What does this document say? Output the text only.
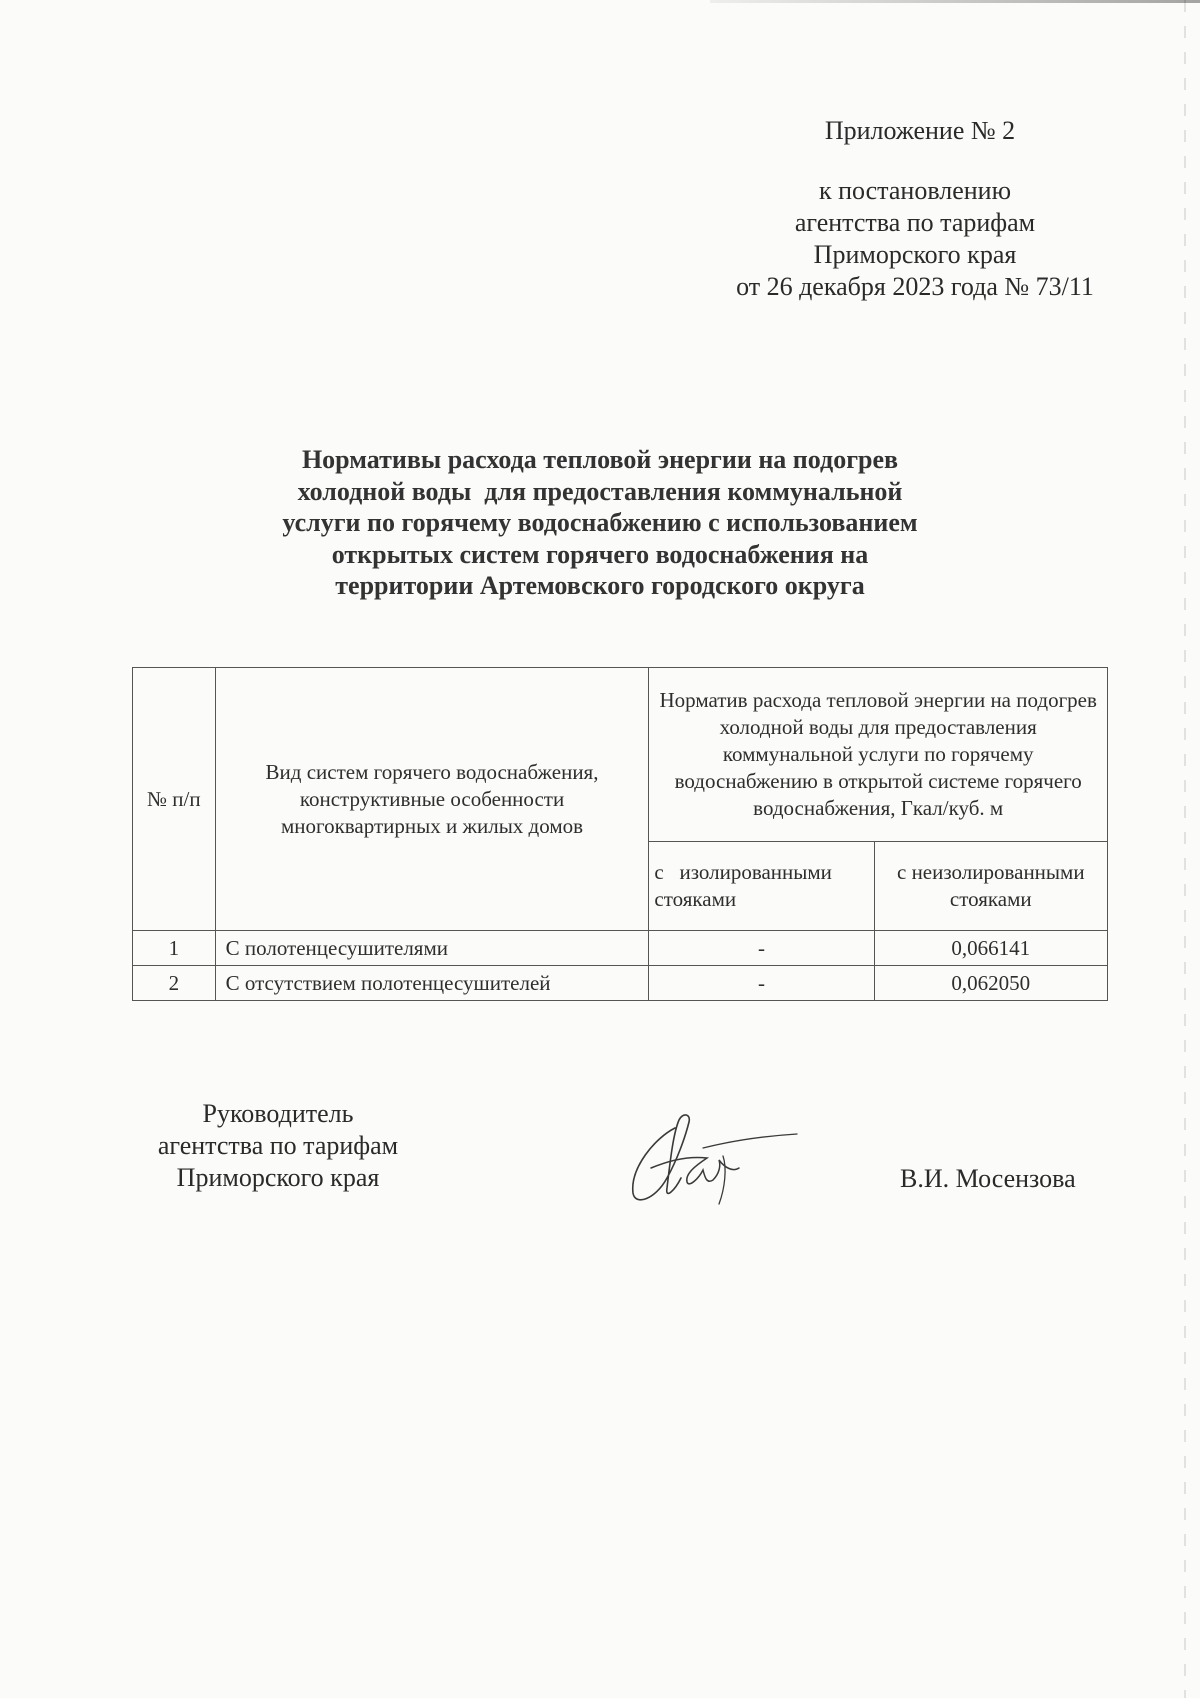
Приложение № 2
к постановлению
агентства по тарифам
Приморского края
от 26 декабря 2023 года № 73/11
Нормативы расхода тепловой энергии на подогрев
холодной воды  для предоставления коммунальной
услуги по горячему водоснабжению с использованием
открытых систем горячего водоснабжения на
территории Артемовского городского округа
№ п/п	Вид систем горячего водоснабжения, конструктивные особенности многоквартирных и жилых домов	Норматив расхода тепловой энергии на подогрев холодной воды для предоставления коммунальной услуги по горячему водоснабжению в открытой системе горячего водоснабжения, Гкал/куб. м	
		с   изолированными стояками	с неизолированными стояками
1	С полотенцесушителями	-	0,066141
2	С отсутствием полотенцесушителей	-	0,062050
Руководитель
агентства по тарифам
Приморского края	В.И. Мосензова
